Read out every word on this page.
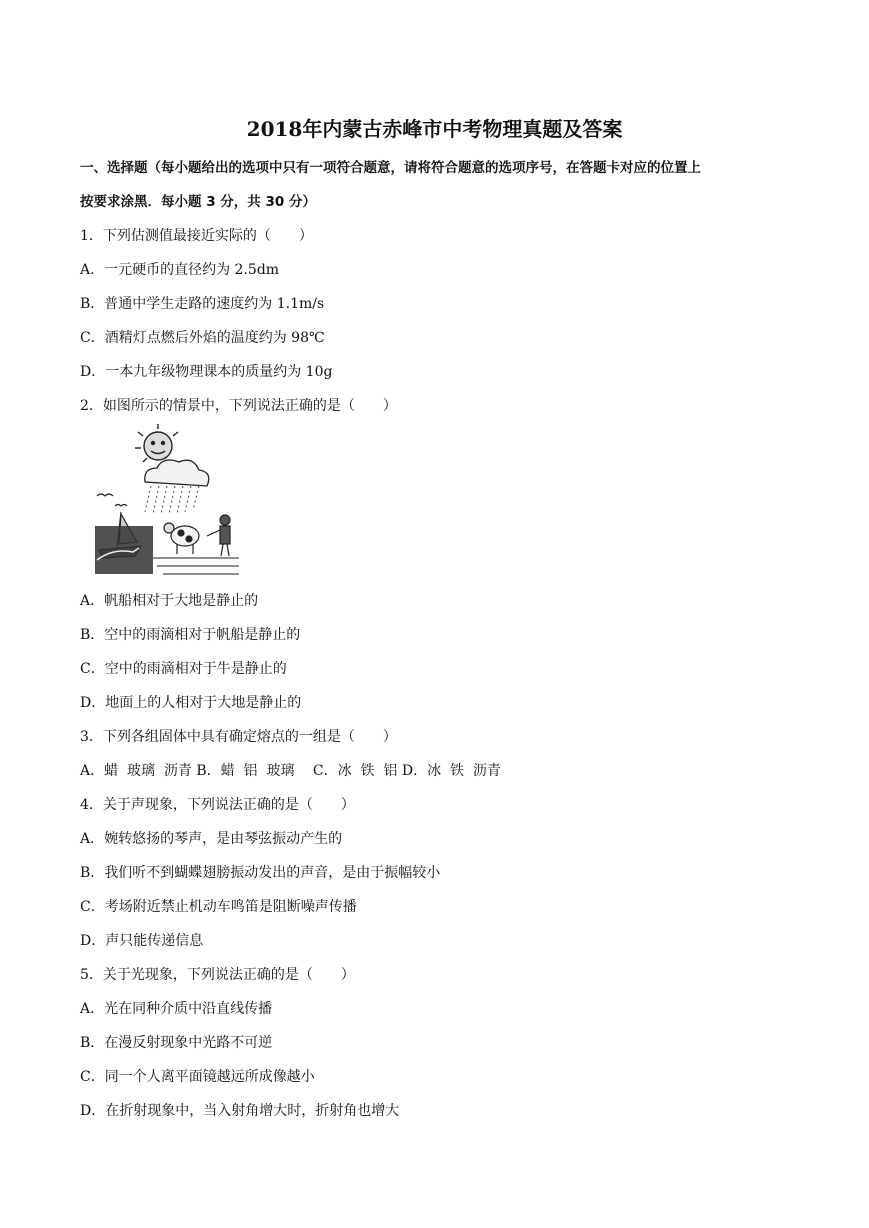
2018年内蒙古赤峰市中考物理真题及答案
一、选择题（每小题给出的选项中只有一项符合题意，请将符合题意的选项序号，在答题卡对应的位置上
按要求涂黑．每小题 3 分，共 30 分）
1．下列估测值最接近实际的（　　）
A．一元硬币的直径约为 2.5dm
B．普通中学生走路的速度约为 1.1m/s
C．酒精灯点燃后外焰的温度约为 98℃
D．一本九年级物理课本的质量约为 10g
2．如图所示的情景中，下列说法正确的是（　　）
A．帆船相对于大地是静止的
B．空中的雨滴相对于帆船是静止的
C．空中的雨滴相对于牛是静止的
D．地面上的人相对于大地是静止的
3．下列各组固体中具有确定熔点的一组是（　　）
A．蜡  玻璃  沥青 B．蜡  铝  玻璃　 C．冰  铁  铝 D．冰  铁  沥青
4．关于声现象，下列说法正确的是（　　）
A．婉转悠扬的琴声，是由琴弦振动产生的
B．我们听不到蝴蝶翅膀振动发出的声音，是由于振幅较小
C．考场附近禁止机动车鸣笛是阻断噪声传播
D．声只能传递信息
5．关于光现象，下列说法正确的是（　　）
A．光在同种介质中沿直线传播
B．在漫反射现象中光路不可逆
C．同一个人离平面镜越远所成像越小
D．在折射现象中，当入射角增大时，折射角也增大
